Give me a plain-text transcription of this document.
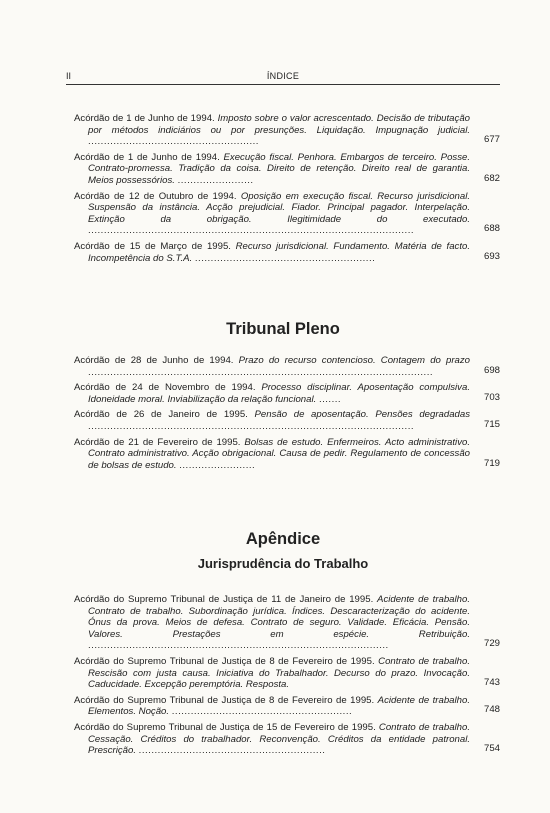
II	ÍNDICE
Acórdão de 1 de Junho de 1994. Imposto sobre o valor acrescentado. Decisão de tributação por métodos indiciários ou por presunções. Liquidação. Impugnação judicial. ......................................................	677
Acórdão de 1 de Junho de 1994. Execução fiscal. Penhora. Embargos de terceiro. Posse. Contrato-promessa. Tradição da coisa. Direito de retenção. Direito real de garantia. Meios possessórios. ........................	682
Acórdão de 12 de Outubro de 1994. Oposição em execução fiscal. Recurso jurisdicional. Suspensão da instância. Acção prejudicial. Fiador. Principal pagador. Interpelação. Extinção da obrigação. Ilegitimidade do executado. .......................................................................................................	688
Acórdão de 15 de Março de 1995. Recurso jurisdicional. Fundamento. Matéria de facto. Incompetência do S.T.A. .........................................................	693
Tribunal Pleno
Acórdão de 28 de Junho de 1994. Prazo do recurso contencioso. Contagem do prazo .............................................................................................................	698
Acórdão de 24 de Novembro de 1994. Processo disciplinar. Aposentação compulsiva. Idoneidade moral. Inviabilização da relação funcional. .......	703
Acórdão de 26 de Janeiro de 1995. Pensão de aposentação. Pensões degradadas .......................................................................................................	715
Acórdão de 21 de Fevereiro de 1995. Bolsas de estudo. Enfermeiros. Acto administrativo. Contrato administrativo. Acção obrigacional. Causa de pedir. Regulamento de concessão de bolsas de estudo. ........................	719
Apêndice
Jurisprudência do Trabalho
Acórdão do Supremo Tribunal de Justiça de 11 de Janeiro de 1995. Acidente de trabalho. Contrato de trabalho. Subordinação jurídica. Índices. Descaracterização do acidente. Ónus da prova. Meios de defesa. Contrato de seguro. Validade. Eficácia. Pensão. Valores. Prestações em espécie. Retribuição. ...............................................................................................	729
Acórdão do Supremo Tribunal de Justiça de 8 de Fevereiro de 1995. Contrato de trabalho. Rescisão com justa causa. Iniciativa do Trabalhador. Decurso do prazo. Invocação. Caducidade. Excepção peremptória. Resposta.	743
Acórdão do Supremo Tribunal de Justiça de 8 de Fevereiro de 1995. Acidente de trabalho. Elementos. Noção. .........................................................	748
Acórdão do Supremo Tribunal de Justiça de 15 de Fevereiro de 1995. Contrato de trabalho. Cessação. Créditos do trabalhador. Reconvenção. Créditos da entidade patronal. Prescrição. ...........................................................	754
